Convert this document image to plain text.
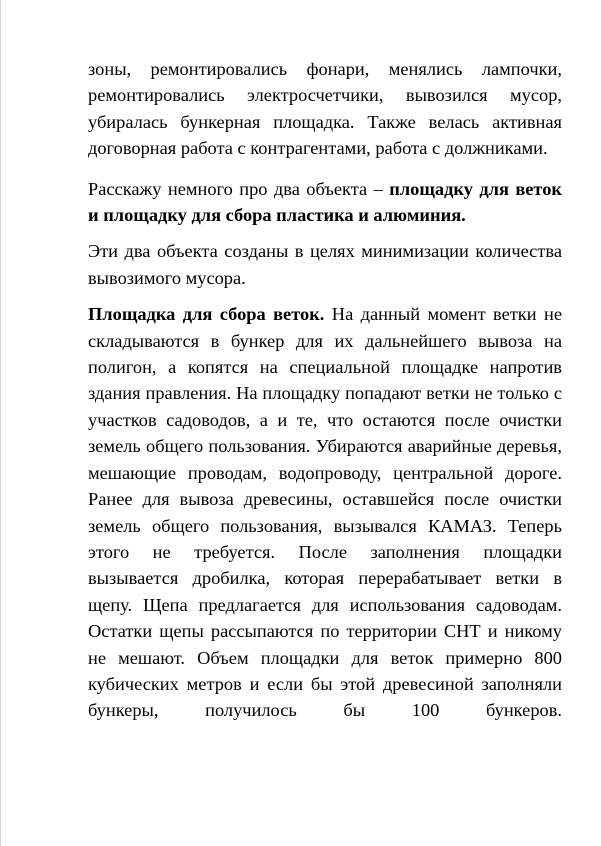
зоны, ремонтировались фонари, менялись лампочки, ремонтировались электросчетчики, вывозился мусор, убиралась бункерная площадка. Также велась активная договорная работа с контрагентами, работа с должниками.

Расскажу немного про два объекта – площадку для веток и площадку для сбора пластика и алюминия.

Эти два объекта созданы в целях минимизации количества вывозимого мусора.

Площадка для сбора веток. На данный момент ветки не складываются в бункер для их дальнейшего вывоза на полигон, а копятся на специальной площадке напротив здания правления. На площадку попадают ветки не только с участков садоводов, а и те, что остаются после очистки земель общего пользования. Убираются аварийные деревья, мешающие проводам, водопроводу, центральной дороге. Ранее для вывоза древесины, оставшейся после очистки земель общего пользования, вызывался КАМАЗ. Теперь этого не требуется. После заполнения площадки вызывается дробилка, которая перерабатывает ветки в щепу. Щепа предлагается для использования садоводам. Остатки щепы рассыпаются по территории СНТ и никому не мешают. Объем площадки для веток примерно 800 кубических метров и если бы этой древесиной заполняли бункеры, получилось бы 100 бункеров.
